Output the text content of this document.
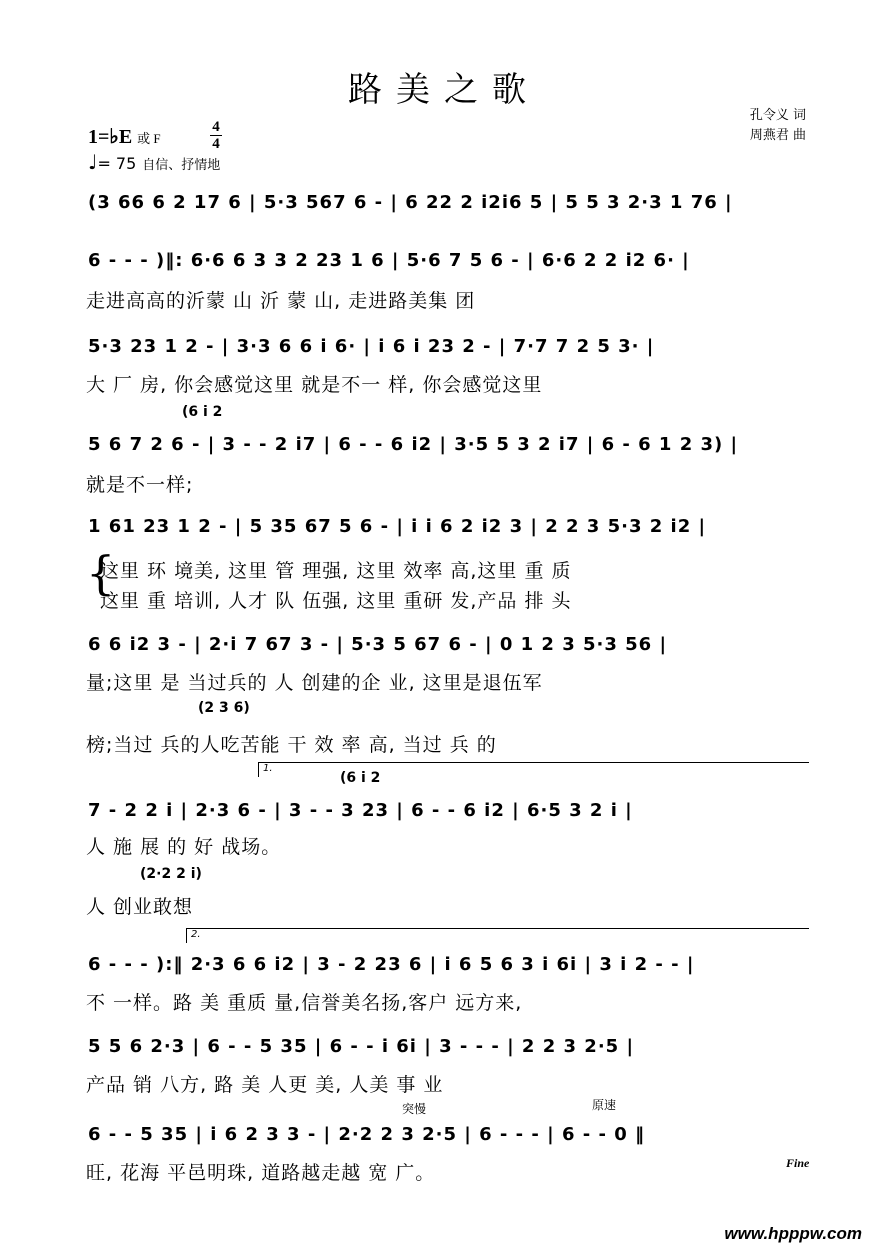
路美之歌
孔令义 词
周燕君 曲
1=♭E 或 F
4
4
♩= 75 自信、抒情地
(3 66 6 2 17 6 | 5·3 567 6 - | 6 22 2 i2i6 5 | 5 5 3 2·3 1 76 |
6 - - - )‖: 6·6 6 3 3 2 23 1 6 | 5·6 7 5 6 - | 6·6 2 2 i2 6· |
走进高高的沂蒙 山 沂 蒙 山, 走进路美集 团
5·3 23 1 2 - | 3·3 6 6 i 6· | i 6 i 23 2 - | 7·7 7 2 5 3· |
大 厂 房, 你会感觉这里 就是不一 样, 你会感觉这里
(6 i 2
5 6 7 2 6 - | 3 - - 2 i7 | 6 - - 6 i2 | 3·5 5 3 2 i7 | 6 - 6 1 2 3) |
就是不一样;
1 61 23 1 2 - | 5 35 67 5 6 - | i i 6 2 i2 3 | 2 2 3 5·3 2 i2 |
{
这里 环 境美, 这里 管 理强, 这里 效率 高,这里 重 质
这里 重 培训, 人才 队 伍强, 这里 重研 发,产品 排 头
6 6 i2 3 - | 2·i 7 67 3 - | 5·3 5 67 6 - | 0 1 2 3 5·3 56 |
量;这里 是 当过兵的 人 创建的企 业, 这里是退伍军
(2 3 6)
榜;当过 兵的人吃苦能 干 效 率 高, 当过 兵 的
1.
(6 i 2
7 - 2 2 i | 2·3 6 - | 3 - - 3 23 | 6 - - 6 i2 | 6·5 3 2 i |
人 施 展 的 好 战场。
(2·2 2 i)
人 创业敢想
2.
6 - - - ):‖ 2·3 6 6 i2 | 3 - 2 23 6 | i 6 5 6 3 i 6i | 3 i 2 - - |
不 一样。路 美 重质 量,信誉美名扬,客户 远方来,
5 5 6 2·3 | 6 - - 5 35 | 6 - - i 6i | 3 - - - | 2 2 3 2·5 |
产品 销 八方, 路 美 人更 美, 人美 事 业
突慢	原速
6 - - 5 35 | i 6 2 3 3 - | 2·2 2 3 2·5 | 6 - - - | 6 - - 0 ‖
旺, 花海 平邑明珠, 道路越走越 宽 广。	Fine
www.hpppw.com
